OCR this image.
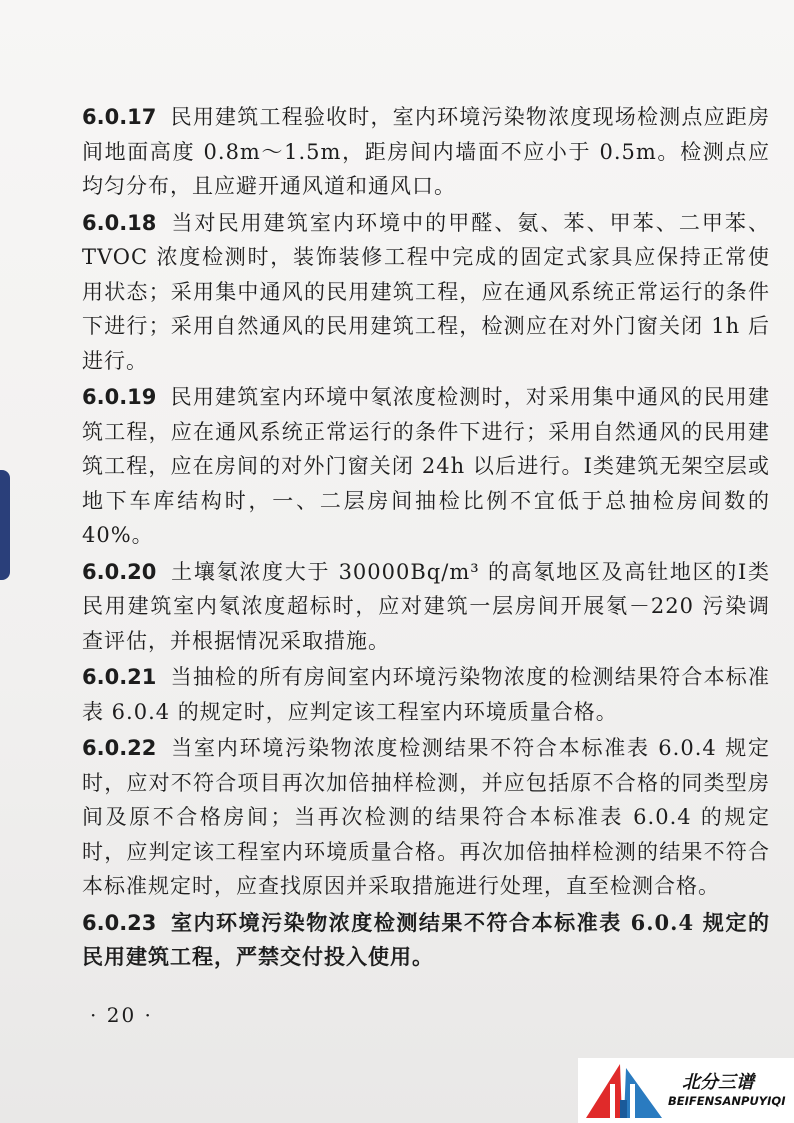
6.0.17 民用建筑工程验收时，室内环境污染物浓度现场检测点应距房间地面高度 0.8m～1.5m，距房间内墙面不应小于 0.5m。检测点应均匀分布，且应避开通风道和通风口。

6.0.18 当对民用建筑室内环境中的甲醛、氨、苯、甲苯、二甲苯、TVOC 浓度检测时，装饰装修工程中完成的固定式家具应保持正常使用状态；采用集中通风的民用建筑工程，应在通风系统正常运行的条件下进行；采用自然通风的民用建筑工程，检测应在对外门窗关闭 1h 后进行。

6.0.19 民用建筑室内环境中氡浓度检测时，对采用集中通风的民用建筑工程，应在通风系统正常运行的条件下进行；采用自然通风的民用建筑工程，应在房间的对外门窗关闭 24h 以后进行。Ⅰ类建筑无架空层或地下车库结构时，一、二层房间抽检比例不宜低于总抽检房间数的 40%。

6.0.20 土壤氡浓度大于 30000Bq/m³ 的高氡地区及高钍地区的Ⅰ类民用建筑室内氡浓度超标时，应对建筑一层房间开展氡－220 污染调查评估，并根据情况采取措施。

6.0.21 当抽检的所有房间室内环境污染物浓度的检测结果符合本标准表 6.0.4 的规定时，应判定该工程室内环境质量合格。

6.0.22 当室内环境污染物浓度检测结果不符合本标准表 6.0.4 规定时，应对不符合项目再次加倍抽样检测，并应包括原不合格的同类型房间及原不合格房间；当再次检测的结果符合本标准表 6.0.4 的规定时，应判定该工程室内环境质量合格。再次加倍抽样检测的结果不符合本标准规定时，应查找原因并采取措施进行处理，直至检测合格。

6.0.23 室内环境污染物浓度检测结果不符合本标准表 6.0.4 规定的民用建筑工程，严禁交付投入使用。

· 20 ·
北分三谱
BEIFENSANPUYIQI
